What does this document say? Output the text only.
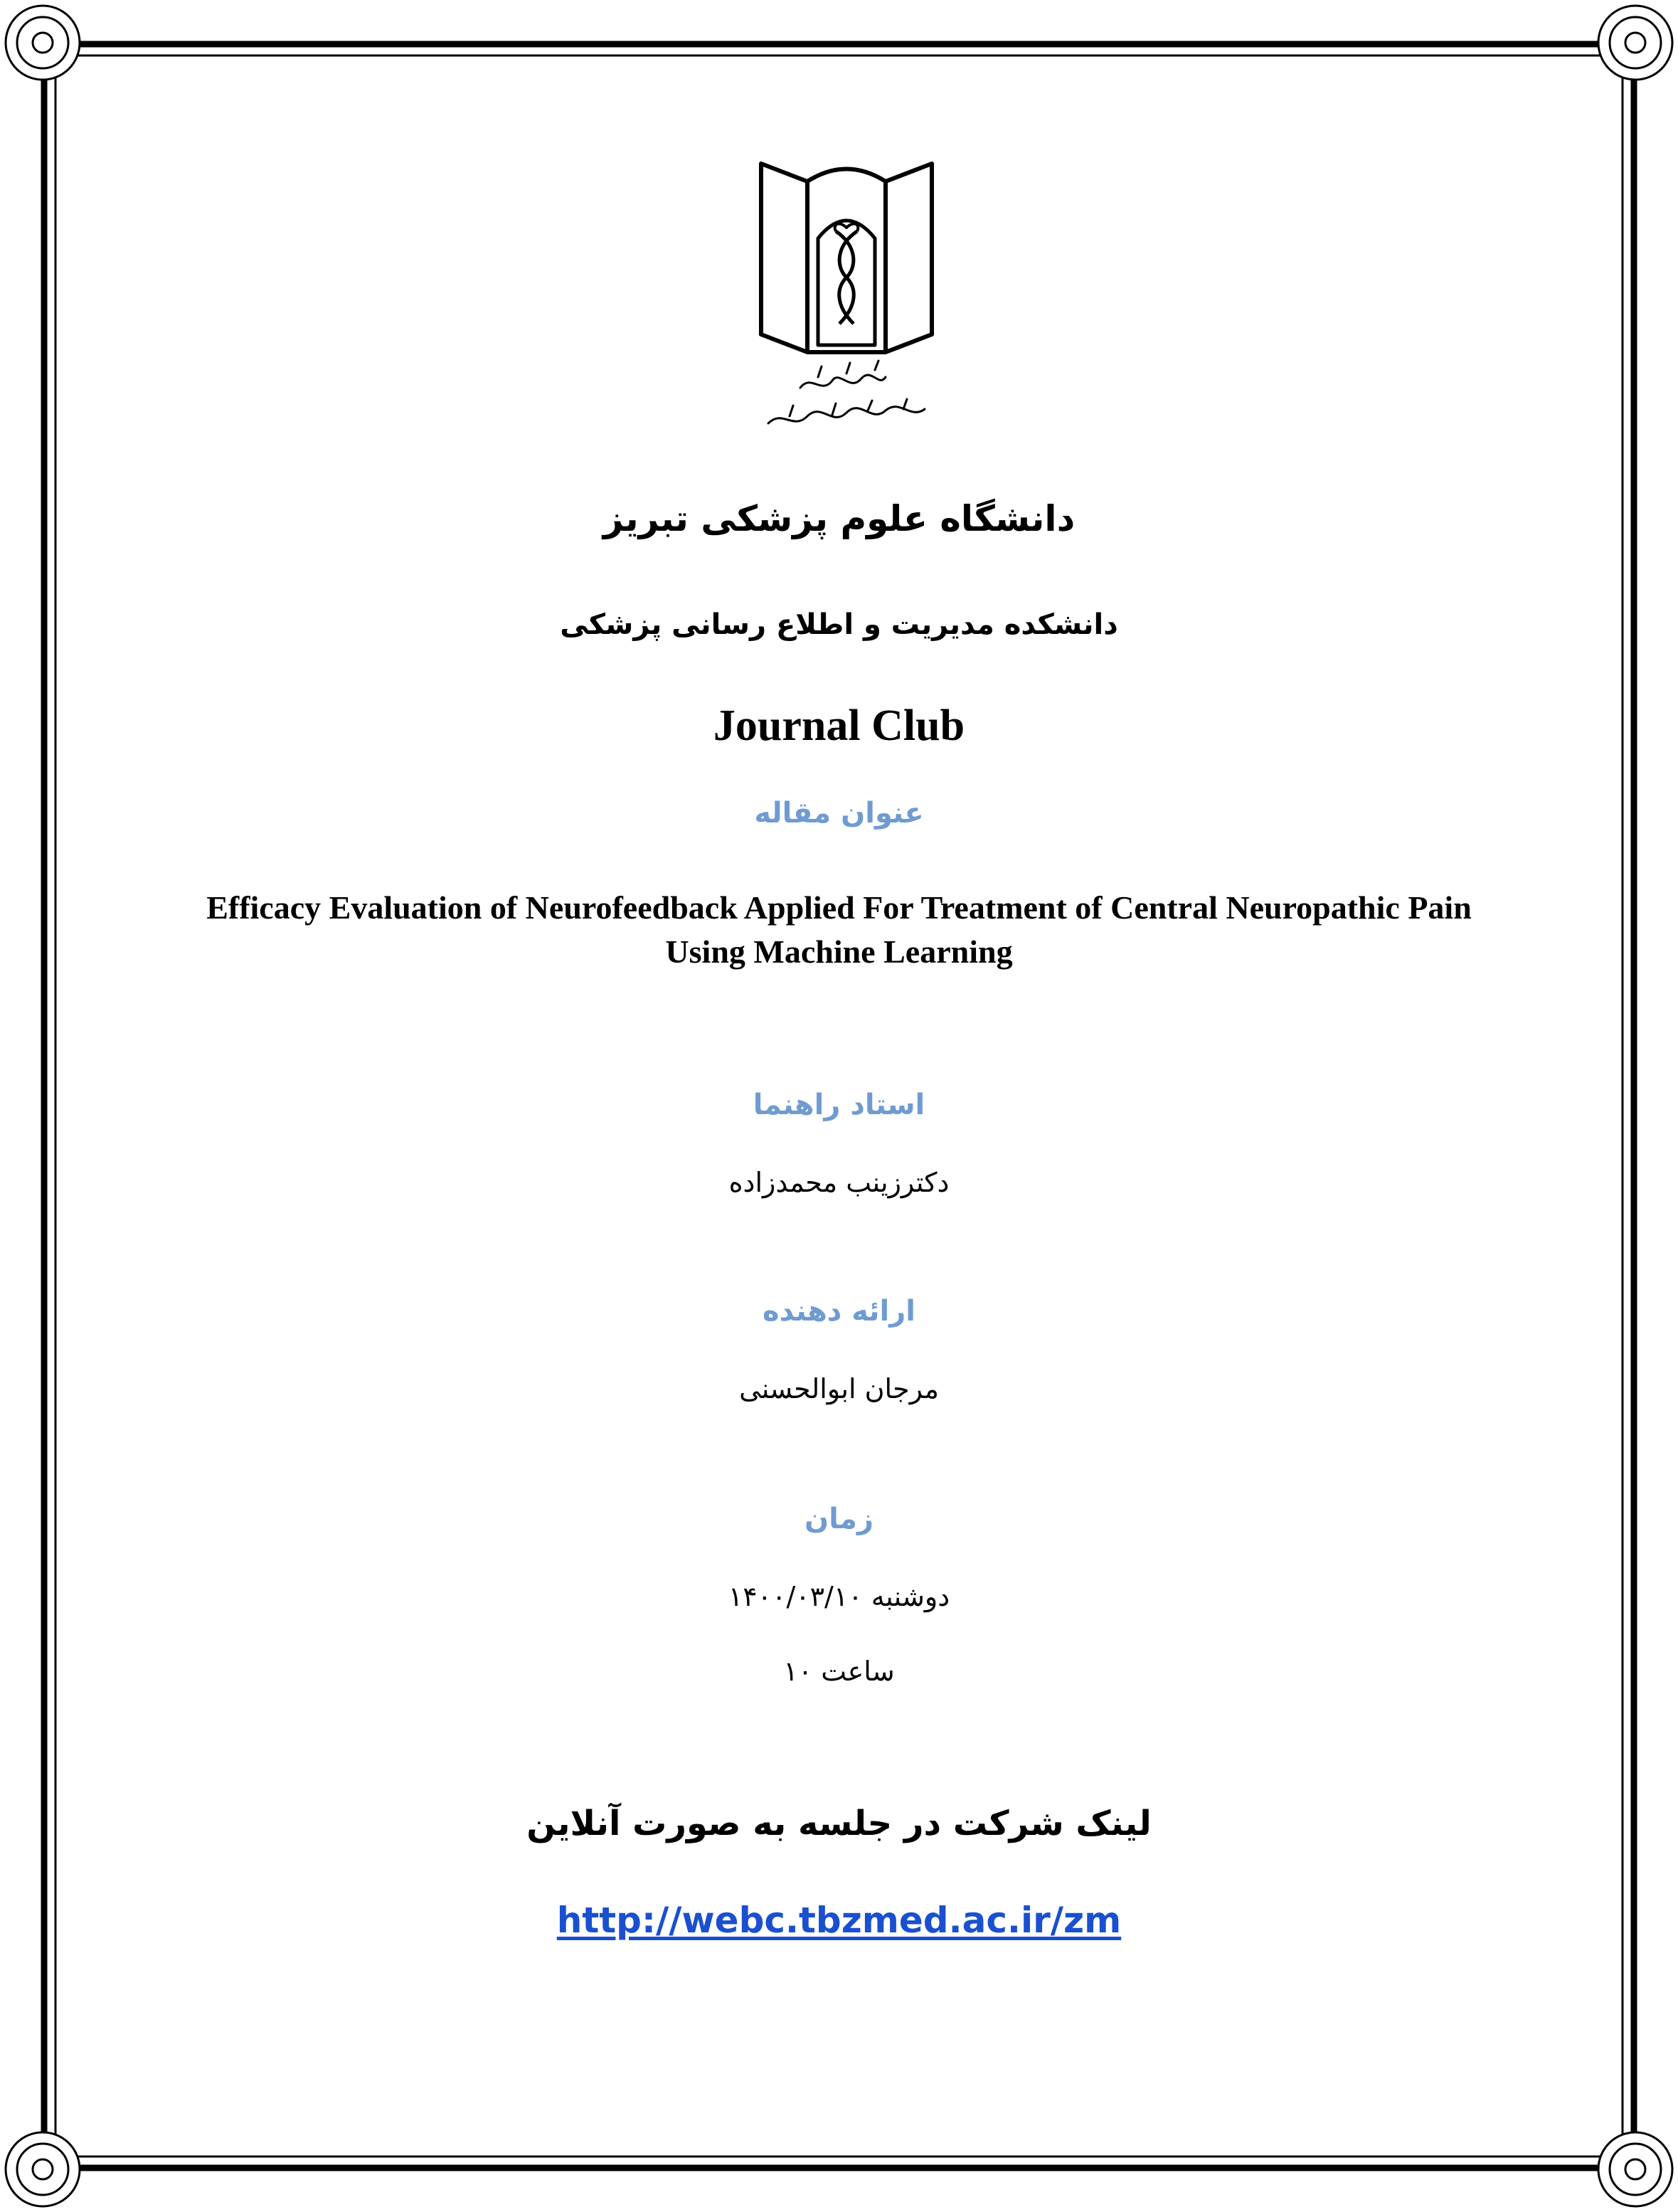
دانشگاه علوم پزشکی تبریز
دانشکده مدیریت و اطلاع رسانی پزشکی
Journal Club
عنوان مقاله
Efficacy Evaluation of Neurofeedback Applied For Treatment of Central Neuropathic Pain
Using Machine Learning
استاد راهنما
دکترزینب محمدزاده
ارائه دهنده
مرجان ابوالحسنی
زمان
دوشنبه ۱۴۰۰/۰۳/۱۰
ساعت ۱۰
لینک شرکت در جلسه به صورت آنلاین
http://webc.tbzmed.ac.ir/zm
